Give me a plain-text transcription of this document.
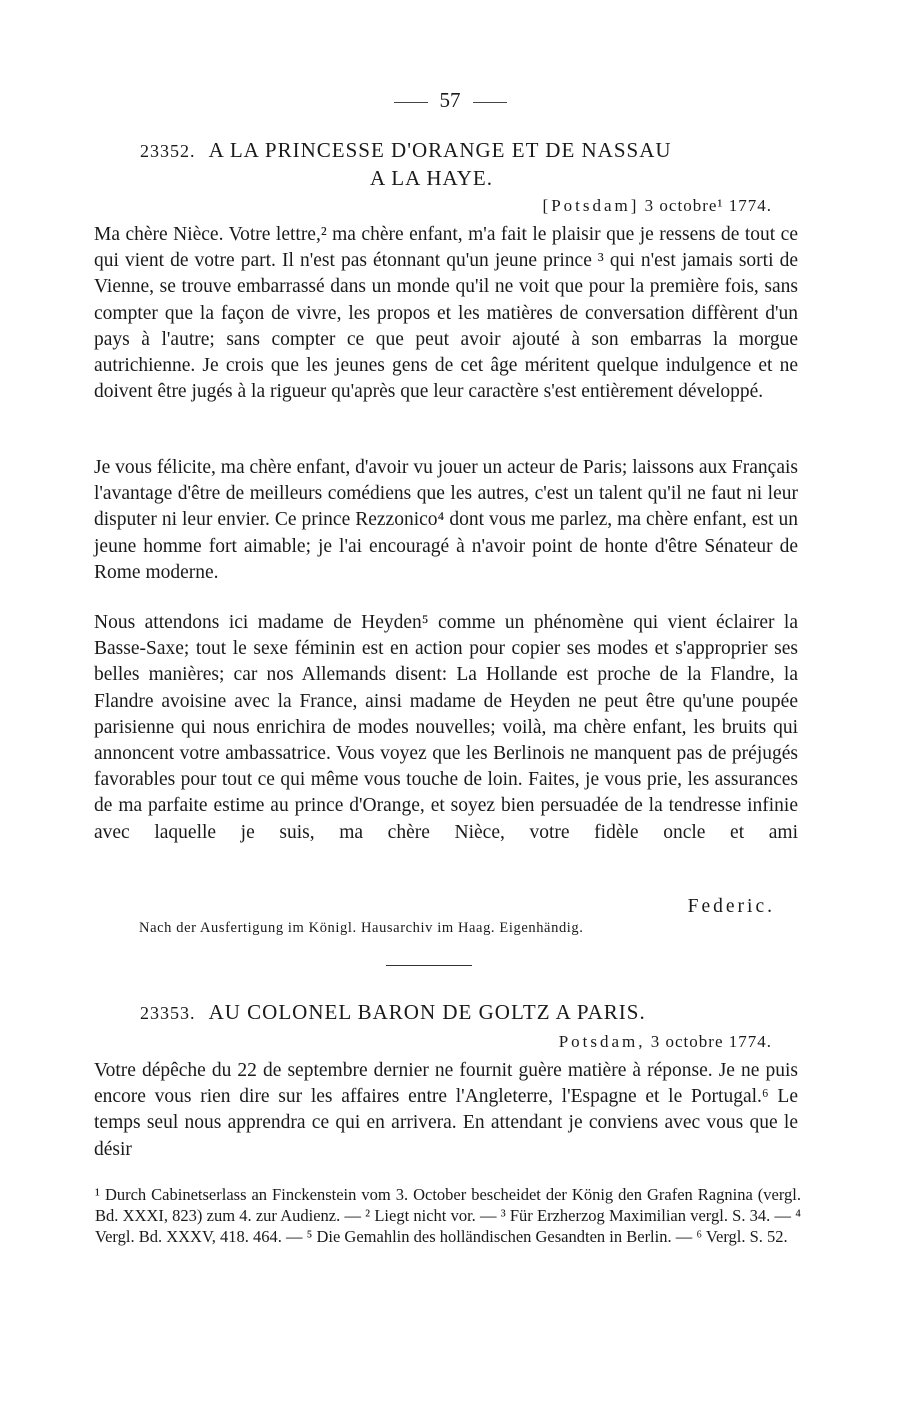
57
23352. A LA PRINCESSE D'ORANGE ET DE NASSAU
A LA HAYE.
[Potsdam] 3 octobre¹ 1774.

Ma chère Nièce. Votre lettre,² ma chère enfant, m'a fait le plaisir que je ressens de tout ce qui vient de votre part. Il n'est pas étonnant qu'un jeune prince ³ qui n'est jamais sorti de Vienne, se trouve embarrassé dans un monde qu'il ne voit que pour la première fois, sans compter que la façon de vivre, les propos et les matières de conversation diffèrent d'un pays à l'autre; sans compter ce que peut avoir ajouté à son embarras la morgue autrichienne. Je crois que les jeunes gens de cet âge méritent quelque indulgence et ne doivent être jugés à la rigueur qu'après que leur caractère s'est entièrement développé.

Je vous félicite, ma chère enfant, d'avoir vu jouer un acteur de Paris; laissons aux Français l'avantage d'être de meilleurs comédiens que les autres, c'est un talent qu'il ne faut ni leur disputer ni leur envier. Ce prince Rezzonico⁴ dont vous me parlez, ma chère enfant, est un jeune homme fort aimable; je l'ai encouragé à n'avoir point de honte d'être Sénateur de Rome moderne.

Nous attendons ici madame de Heyden⁵ comme un phénomène qui vient éclairer la Basse-Saxe; tout le sexe féminin est en action pour copier ses modes et s'approprier ses belles manières; car nos Allemands disent: La Hollande est proche de la Flandre, la Flandre avoisine avec la France, ainsi madame de Heyden ne peut être qu'une poupée parisienne qui nous enrichira de modes nouvelles; voilà, ma chère enfant, les bruits qui annoncent votre ambassatrice. Vous voyez que les Berlinois ne manquent pas de préjugés favorables pour tout ce qui même vous touche de loin. Faites, je vous prie, les assurances de ma parfaite estime au prince d'Orange, et soyez bien persuadée de la tendresse infinie avec laquelle je suis, ma chère Nièce, votre fidèle oncle et ami

Federic.
Nach der Ausfertigung im Königl. Hausarchiv im Haag. Eigenhändig.
23353. AU COLONEL BARON DE GOLTZ A PARIS.
Potsdam, 3 octobre 1774.

Votre dépêche du 22 de septembre dernier ne fournit guère matière à réponse. Je ne puis encore vous rien dire sur les affaires entre l'Angleterre, l'Espagne et le Portugal.⁶ Le temps seul nous apprendra ce qui en arrivera. En attendant je conviens avec vous que le désir

¹ Durch Cabinetserlass an Finckenstein vom 3. October bescheidet der König den Grafen Ragnina (vergl. Bd. XXXI, 823) zum 4. zur Audienz. — ² Liegt nicht vor. — ³ Für Erzherzog Maximilian vergl. S. 34. — ⁴ Vergl. Bd. XXXV, 418. 464. — ⁵ Die Gemahlin des holländischen Gesandten in Berlin. — ⁶ Vergl. S. 52.
